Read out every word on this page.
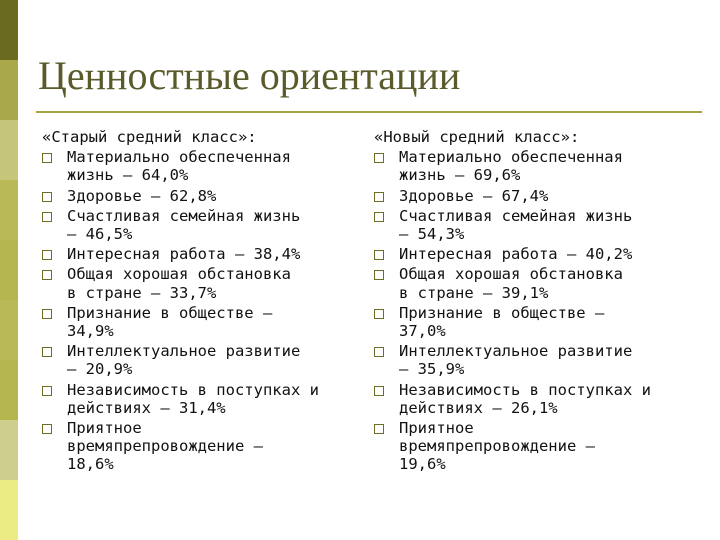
Ценностные ориентации
«Старый средний класс»:
Материально обеспеченная
жизнь – 64,0%
Здоровье – 62,8%
Счастливая семейная жизнь
– 46,5%
Интересная работа – 38,4%
Общая хорошая обстановка
в стране – 33,7%
Признание в обществе –
34,9%
Интеллектуальное развитие
– 20,9%
Независимость в поступках и
действиях – 31,4%
Приятное
времяпрепровождение –
18,6%
«Новый средний класс»:
Материально обеспеченная
жизнь – 69,6%
Здоровье – 67,4%
Счастливая семейная жизнь
– 54,3%
Интересная работа – 40,2%
Общая хорошая обстановка
в стране – 39,1%
Признание в обществе –
37,0%
Интеллектуальное развитие
– 35,9%
Независимость в поступках и
действиях – 26,1%
Приятное
времяпрепровождение –
19,6%
